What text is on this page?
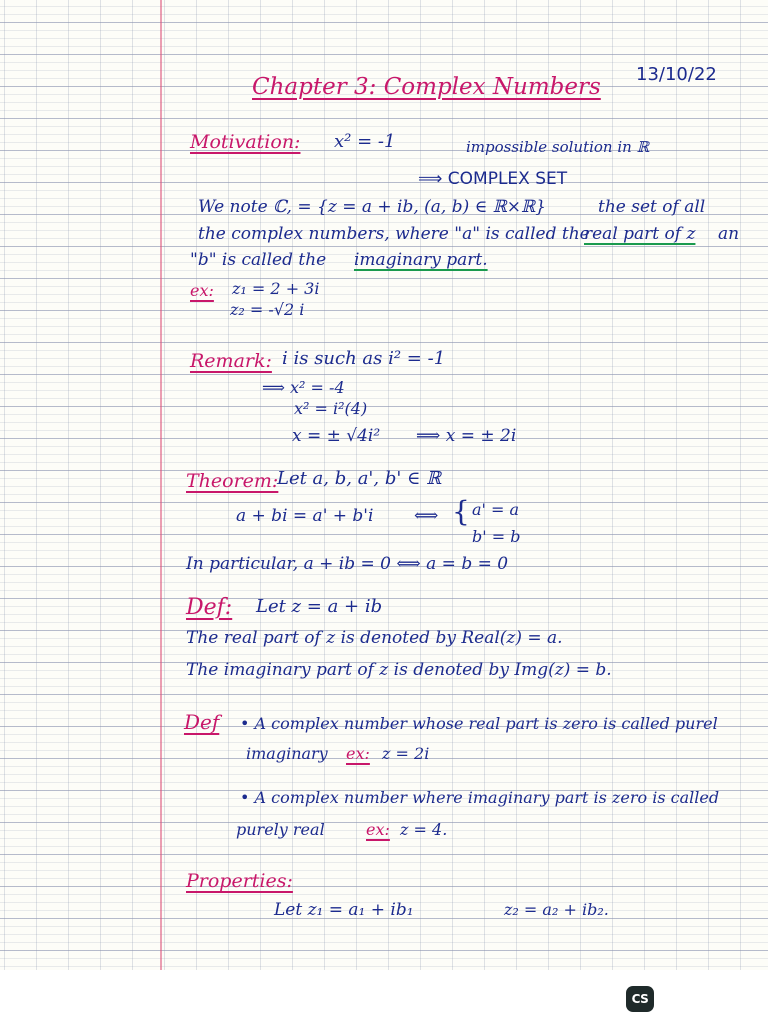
Chapter 3: Complex Numbers 13/10/22
Motivation: x² = -1	impossible solution in ℝ
⟹ COMPLEX SET
We note ℂ, = {z = a + ib, (a, b) ∈ ℝ×ℝ}	the set of all
the complex numbers, where "a" is called the
real part of z an
"b" is called the imaginary part.
ex: z₁ = 2 + 3i
z₂ = -√2 i
Remark: i is such as i² = -1
⟹ x² = -4
x² = i²(4)
x = ± √4i² ⟹ x = ± 2i
Theorem:
Let a, b, a', b' ∈ ℝ
a + bi = a' + b'i ⟺ { a' = a
b' = b
In particular, a + ib = 0 ⟺ a = b = 0
Def: Let z = a + ib
The real part of z is denoted by Real(z) = a.
The imaginary part of z is denoted by Img(z) = b.
Def • A complex number whose real part is zero is called purel
imaginary ex: z = 2i
• A complex number where imaginary part is zero is called
purely real	ex: z = 4.
Properties:
Let z₁ = a₁ + ib₁	z₂ = a₂ + ib₂.
CS
